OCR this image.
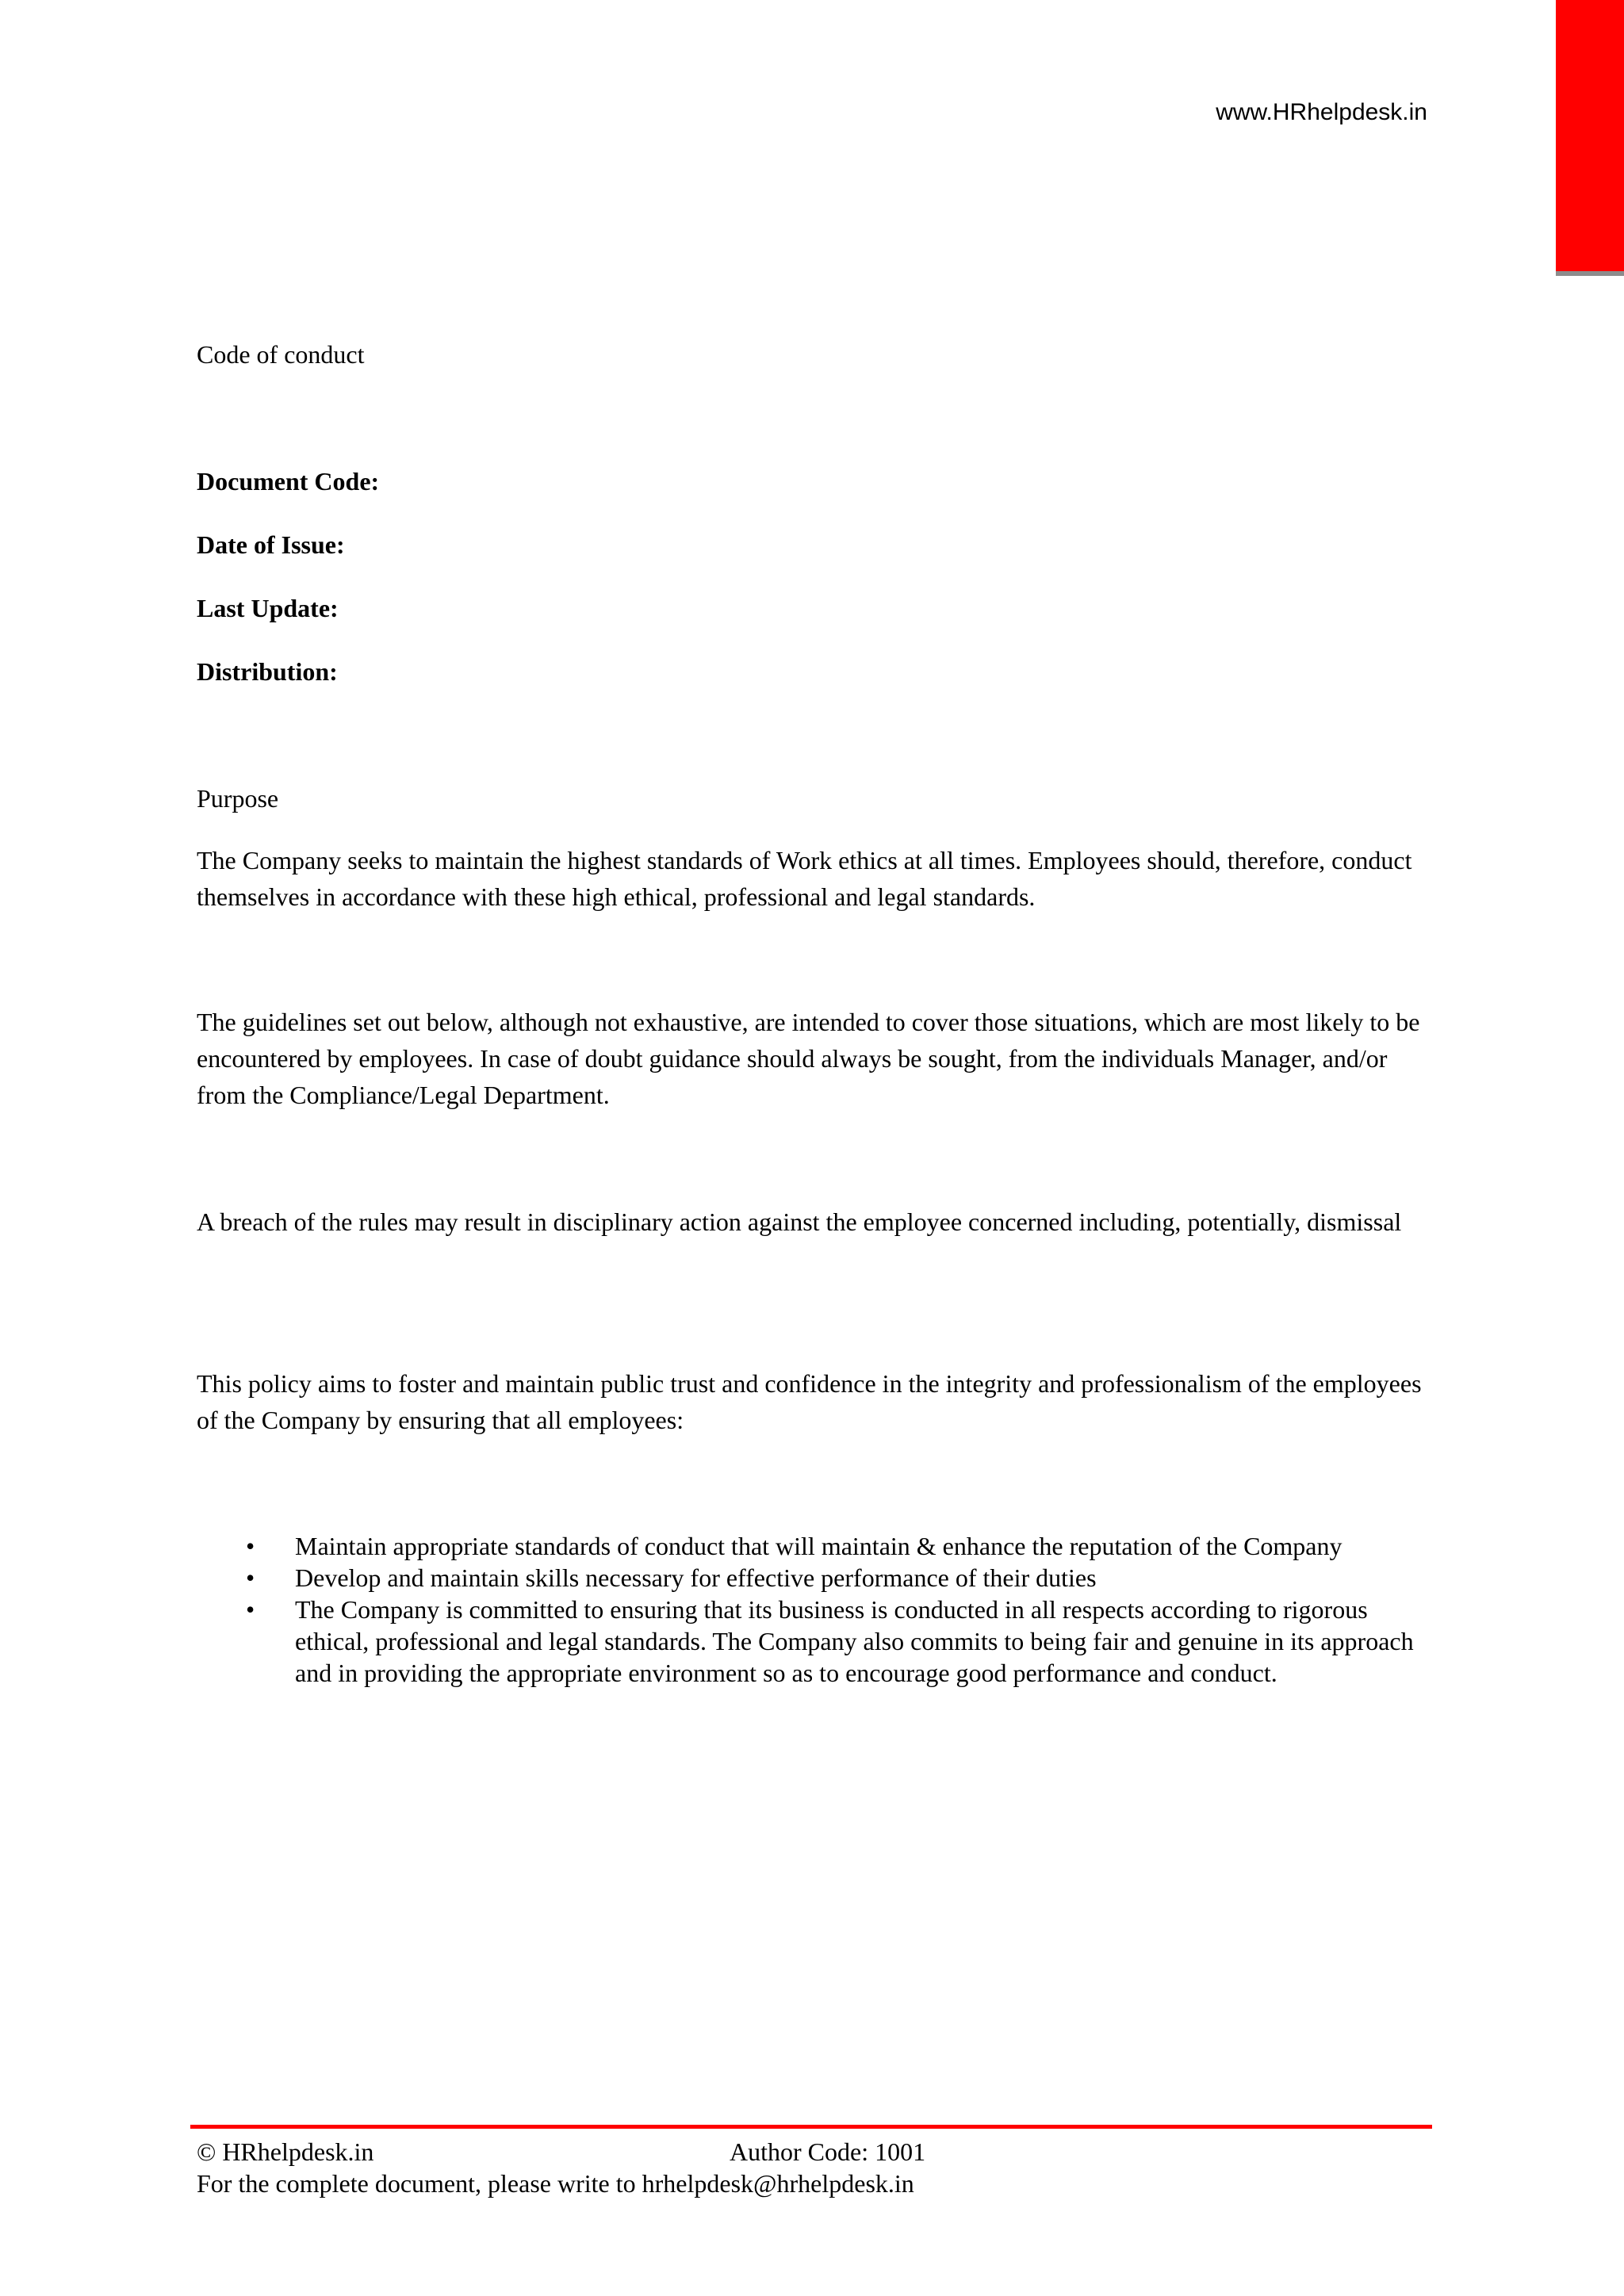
www.HRhelpdesk.in
Code of conduct
Document Code:
Date of Issue:
Last Update:
Distribution:
Purpose
The Company seeks to maintain the highest standards of Work ethics at all times. Employees should, therefore, conduct themselves in accordance with these high ethical, professional and legal standards.
The guidelines set out below, although not exhaustive, are intended to cover those situations, which are most likely to be encountered by employees. In case of doubt guidance should always be sought, from the individuals Manager, and/or from the Compliance/Legal Department.
A breach of the rules may result in disciplinary action against the employee concerned including, potentially, dismissal
This policy aims to foster and maintain public trust and confidence in the integrity and professionalism of the employees of the Company by ensuring that all employees:
• Maintain appropriate standards of conduct that will maintain & enhance the reputation of the Company
• Develop and maintain skills necessary for effective performance of their duties
• The Company is committed to ensuring that its business is conducted in all respects according to rigorous ethical, professional and legal standards. The Company also commits to being fair and genuine in its approach and in providing the appropriate environment so as to encourage good performance and conduct.
© HRhelpdesk.in	Author Code: 1001
For the complete document, please write to hrhelpdesk@hrhelpdesk.in
